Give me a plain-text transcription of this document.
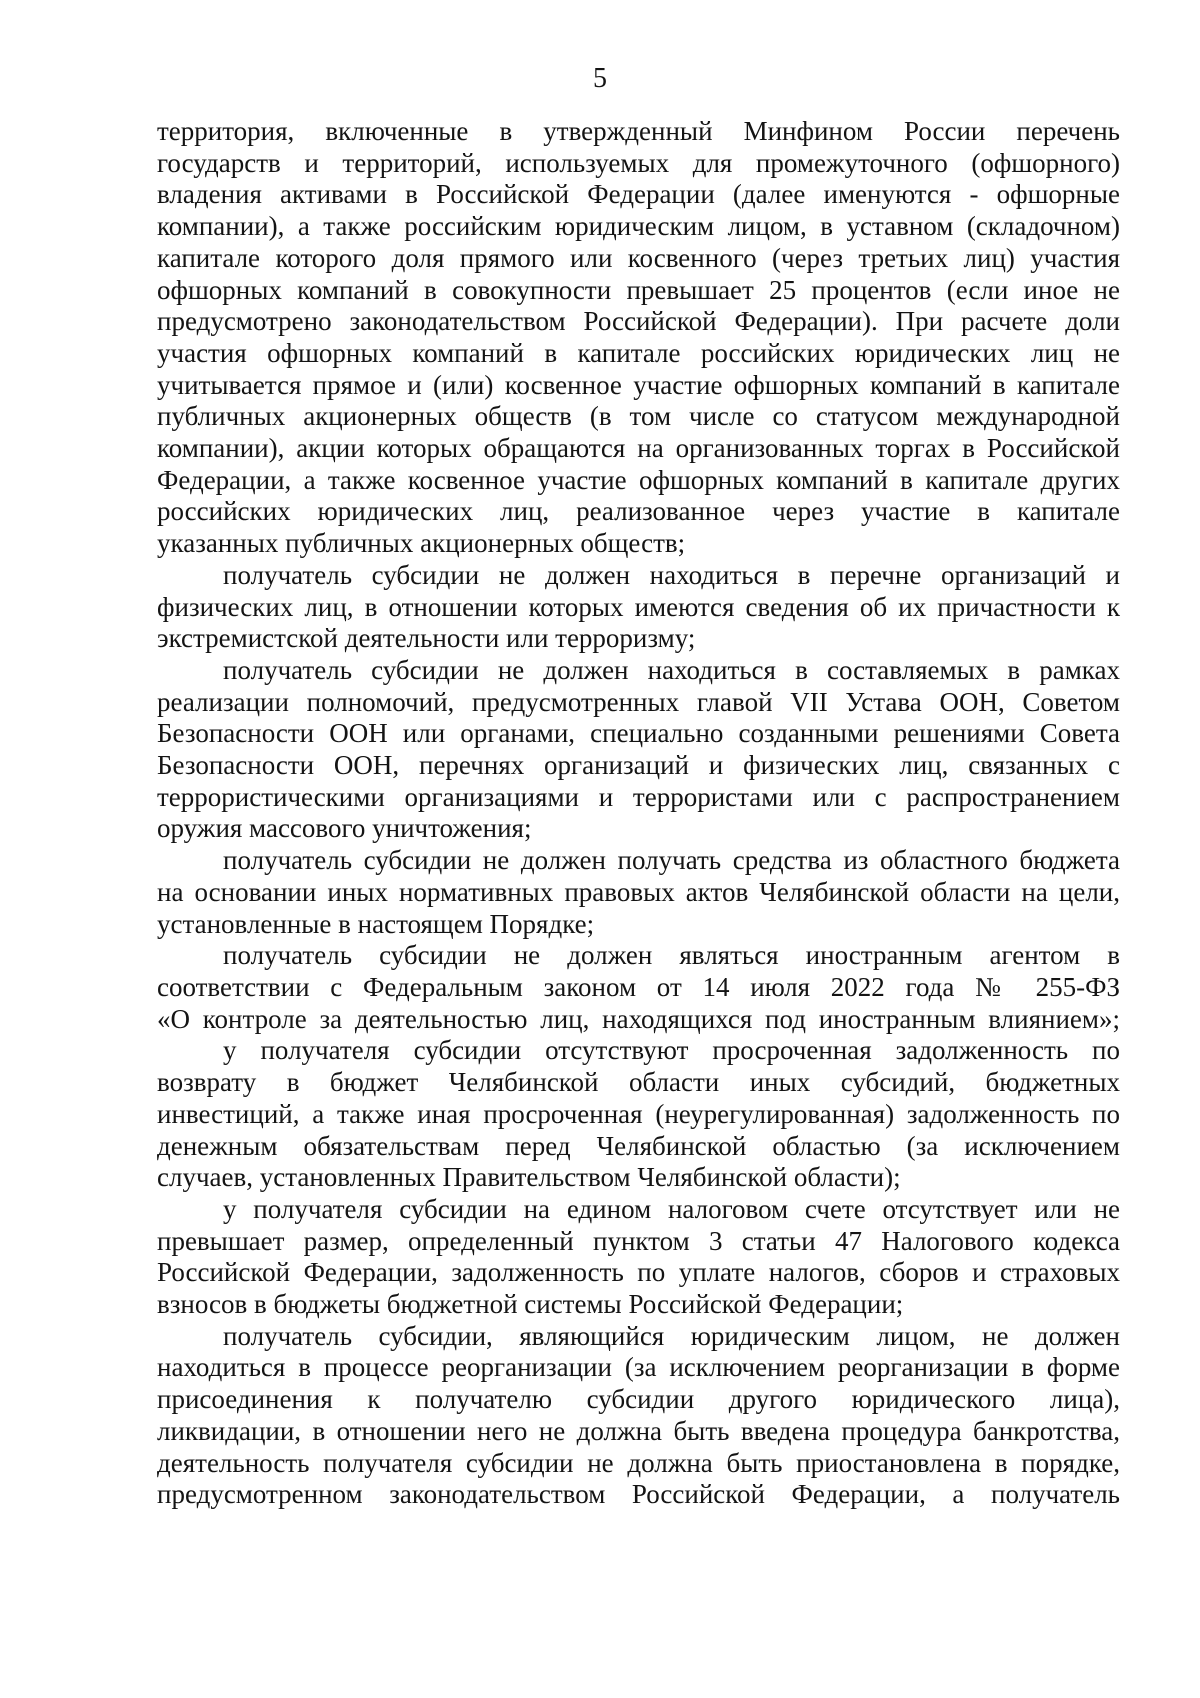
5
территория, включенные в утвержденный Минфином России перечень
государств и территорий, используемых для промежуточного (офшорного)
владения активами в Российской Федерации (далее именуются - офшорные
компании), а также российским юридическим лицом, в уставном (складочном)
капитале которого доля прямого или косвенного (через третьих лиц) участия
офшорных компаний в совокупности превышает 25 процентов (если иное не
предусмотрено законодательством Российской Федерации). При расчете доли
участия офшорных компаний в капитале российских юридических лиц не
учитывается прямое и (или) косвенное участие офшорных компаний в капитале
публичных акционерных обществ (в том числе со статусом международной
компании), акции которых обращаются на организованных торгах в Российской
Федерации, а также косвенное участие офшорных компаний в капитале других
российских юридических лиц, реализованное через участие в капитале
указанных публичных акционерных обществ;
получатель субсидии не должен находиться в перечне организаций и
физических лиц, в отношении которых имеются сведения об их причастности к
экстремистской деятельности или терроризму;
получатель субсидии не должен находиться в составляемых в рамках
реализации полномочий, предусмотренных главой VII Устава ООН, Советом
Безопасности ООН или органами, специально созданными решениями Совета
Безопасности ООН, перечнях организаций и физических лиц, связанных с
террористическими организациями и террористами или с распространением
оружия массового уничтожения;
получатель субсидии не должен получать средства из областного бюджета
на основании иных нормативных правовых актов Челябинской области на цели,
установленные в настоящем Порядке;
получатель субсидии не должен являться иностранным агентом в
соответствии с Федеральным законом от 14 июля 2022 года № 255-ФЗ
«О контроле за деятельностью лиц, находящихся под иностранным влиянием»;
у получателя субсидии отсутствуют просроченная задолженность по
возврату в бюджет Челябинской области иных субсидий, бюджетных
инвестиций, а также иная просроченная (неурегулированная) задолженность по
денежным обязательствам перед Челябинской областью (за исключением
случаев, установленных Правительством Челябинской области);
у получателя субсидии на едином налоговом счете отсутствует или не
превышает размер, определенный пунктом 3 статьи 47 Налогового кодекса
Российской Федерации, задолженность по уплате налогов, сборов и страховых
взносов в бюджеты бюджетной системы Российской Федерации;
получатель субсидии, являющийся юридическим лицом, не должен
находиться в процессе реорганизации (за исключением реорганизации в форме
присоединения к получателю субсидии другого юридического лица),
ликвидации, в отношении него не должна быть введена процедура банкротства,
деятельность получателя субсидии не должна быть приостановлена в порядке,
предусмотренном законодательством Российской Федерации, а получатель
